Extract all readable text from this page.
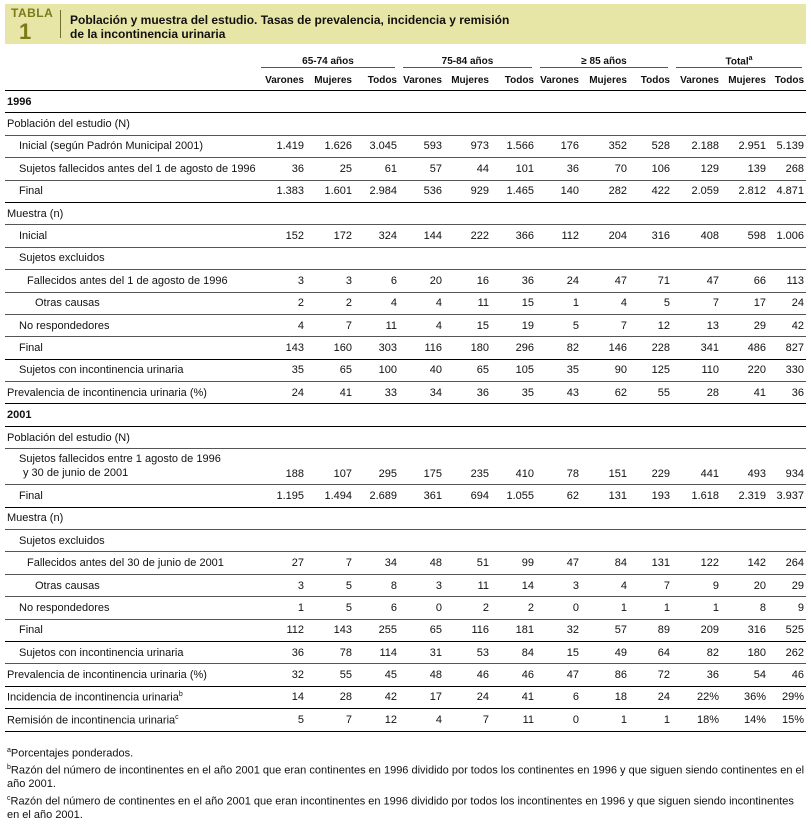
TABLA
1	Población y muestra del estudio. Tasas de prevalencia, incidencia y remisión
de la incontinencia urinaria
	65-74 años			75-84 años			≥ 85 años			Total$^a$
	Varones	Mujeres	Todos	Varones	Mujeres	Todos	Varones	Mujeres	Todos	Varones	Mujeres	Todos
1996												
Población del estudio (N)												
Inicial (según Padrón Municipal 2001)	1.419	1.626	3.045	593	973	1.566	176	352	528	2.188	2.951	5.139
Sujetos fallecidos antes del 1 de agosto de 1996	36	25	61	57	44	101	36	70	106	129	139	268
Final	1.383	1.601	2.984	536	929	1.465	140	282	422	2.059	2.812	4.871
Muestra (n)												
Inicial	152	172	324	144	222	366	112	204	316	408	598	1.006
Sujetos excluidos												
Fallecidos antes del 1 de agosto de 1996	3	3	6	20	16	36	24	47	71	47	66	113
Otras causas	2	2	4	4	11	15	1	4	5	7	17	24
No respondedores	4	7	11	4	15	19	5	7	12	13	29	42
Final	143	160	303	116	180	296	82	146	228	341	486	827
Sujetos con incontinencia urinaria	35	65	100	40	65	105	35	90	125	110	220	330
Prevalencia de incontinencia urinaria (%)	24	41	33	34	36	35	43	62	55	28	41	36
2001												
Población del estudio (N)												

Sujetos fallecidos entre 1 agosto de 1996
y 30 de junio de 2001	188	107	295	175	235	410	78	151	229	441	493	934
Final	1.195	1.494	2.689	361	694	1.055	62	131	193	1.618	2.319	3.937
Muestra (n)												
Sujetos excluidos												
Fallecidos antes del 30 de junio de 2001	27	7	34	48	51	99	47	84	131	122	142	264
Otras causas	3	5	8	3	11	14	3	4	7	9	20	29
No respondedores	1	5	6	0	2	2	0	1	1	1	8	9
Final	112	143	255	65	116	181	32	57	89	209	316	525
Sujetos con incontinencia urinaria	36	78	114	31	53	84	15	49	64	82	180	262
Prevalencia de incontinencia urinaria (%)	32	55	45	48	46	46	47	86	72	36	54	46
Incidencia de incontinencia urinaria$^b$	14	28	42	17	24	41	6	18	24	22%	36%	29%
Remisión de incontinencia urinaria$^c$	5	7	12	4	7	11	0	1	1	18%	14%	15%

$^a$Porcentajes ponderados.

$^b$Razón del número de incontinentes en el año 2001 que eran continentes en 1996 dividido por todos los continentes en 1996 y que siguen siendo continentes en el año 2001.

$^c$Razón del número de continentes en el año 2001 que eran incontinentes en 1996 dividido por todos los incontinentes en 1996 y que siguen siendo incontinentes en el año 2001.
